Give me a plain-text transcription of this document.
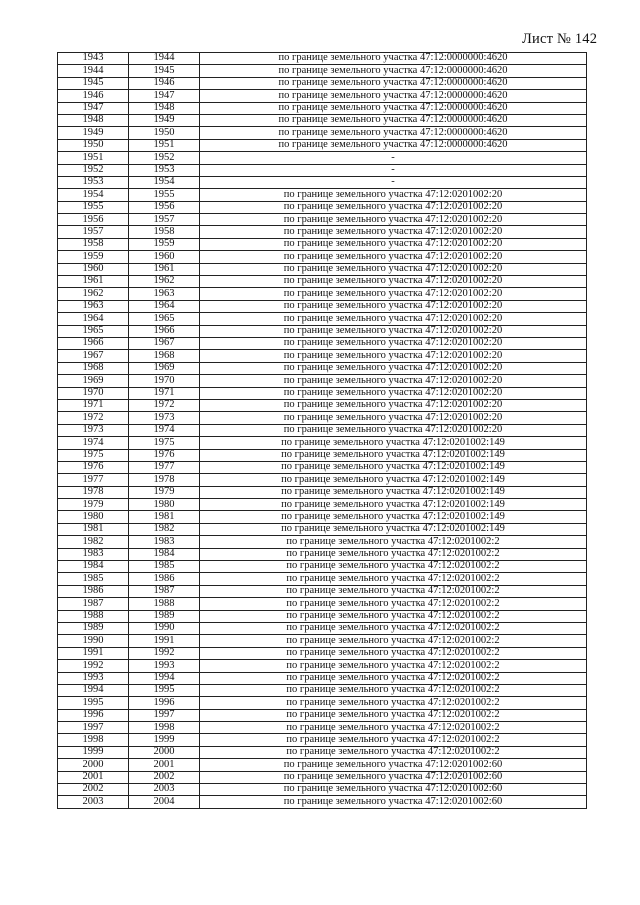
Лист № 142
1943	1944	по границе земельного участка 47:12:0000000:4620
1944	1945	по границе земельного участка 47:12:0000000:4620
1945	1946	по границе земельного участка 47:12:0000000:4620
1946	1947	по границе земельного участка 47:12:0000000:4620
1947	1948	по границе земельного участка 47:12:0000000:4620
1948	1949	по границе земельного участка 47:12:0000000:4620
1949	1950	по границе земельного участка 47:12:0000000:4620
1950	1951	по границе земельного участка 47:12:0000000:4620
1951	1952	-
1952	1953	-
1953	1954	-
1954	1955	по границе земельного участка 47:12:0201002:20
1955	1956	по границе земельного участка 47:12:0201002:20
1956	1957	по границе земельного участка 47:12:0201002:20
1957	1958	по границе земельного участка 47:12:0201002:20
1958	1959	по границе земельного участка 47:12:0201002:20
1959	1960	по границе земельного участка 47:12:0201002:20
1960	1961	по границе земельного участка 47:12:0201002:20
1961	1962	по границе земельного участка 47:12:0201002:20
1962	1963	по границе земельного участка 47:12:0201002:20
1963	1964	по границе земельного участка 47:12:0201002:20
1964	1965	по границе земельного участка 47:12:0201002:20
1965	1966	по границе земельного участка 47:12:0201002:20
1966	1967	по границе земельного участка 47:12:0201002:20
1967	1968	по границе земельного участка 47:12:0201002:20
1968	1969	по границе земельного участка 47:12:0201002:20
1969	1970	по границе земельного участка 47:12:0201002:20
1970	1971	по границе земельного участка 47:12:0201002:20
1971	1972	по границе земельного участка 47:12:0201002:20
1972	1973	по границе земельного участка 47:12:0201002:20
1973	1974	по границе земельного участка 47:12:0201002:20
1974	1975	по границе земельного участка 47:12:0201002:149
1975	1976	по границе земельного участка 47:12:0201002:149
1976	1977	по границе земельного участка 47:12:0201002:149
1977	1978	по границе земельного участка 47:12:0201002:149
1978	1979	по границе земельного участка 47:12:0201002:149
1979	1980	по границе земельного участка 47:12:0201002:149
1980	1981	по границе земельного участка 47:12:0201002:149
1981	1982	по границе земельного участка 47:12:0201002:149
1982	1983	по границе земельного участка 47:12:0201002:2
1983	1984	по границе земельного участка 47:12:0201002:2
1984	1985	по границе земельного участка 47:12:0201002:2
1985	1986	по границе земельного участка 47:12:0201002:2
1986	1987	по границе земельного участка 47:12:0201002:2
1987	1988	по границе земельного участка 47:12:0201002:2
1988	1989	по границе земельного участка 47:12:0201002:2
1989	1990	по границе земельного участка 47:12:0201002:2
1990	1991	по границе земельного участка 47:12:0201002:2
1991	1992	по границе земельного участка 47:12:0201002:2
1992	1993	по границе земельного участка 47:12:0201002:2
1993	1994	по границе земельного участка 47:12:0201002:2
1994	1995	по границе земельного участка 47:12:0201002:2
1995	1996	по границе земельного участка 47:12:0201002:2
1996	1997	по границе земельного участка 47:12:0201002:2
1997	1998	по границе земельного участка 47:12:0201002:2
1998	1999	по границе земельного участка 47:12:0201002:2
1999	2000	по границе земельного участка 47:12:0201002:2
2000	2001	по границе земельного участка 47:12:0201002:60
2001	2002	по границе земельного участка 47:12:0201002:60
2002	2003	по границе земельного участка 47:12:0201002:60
2003	2004	по границе земельного участка 47:12:0201002:60
